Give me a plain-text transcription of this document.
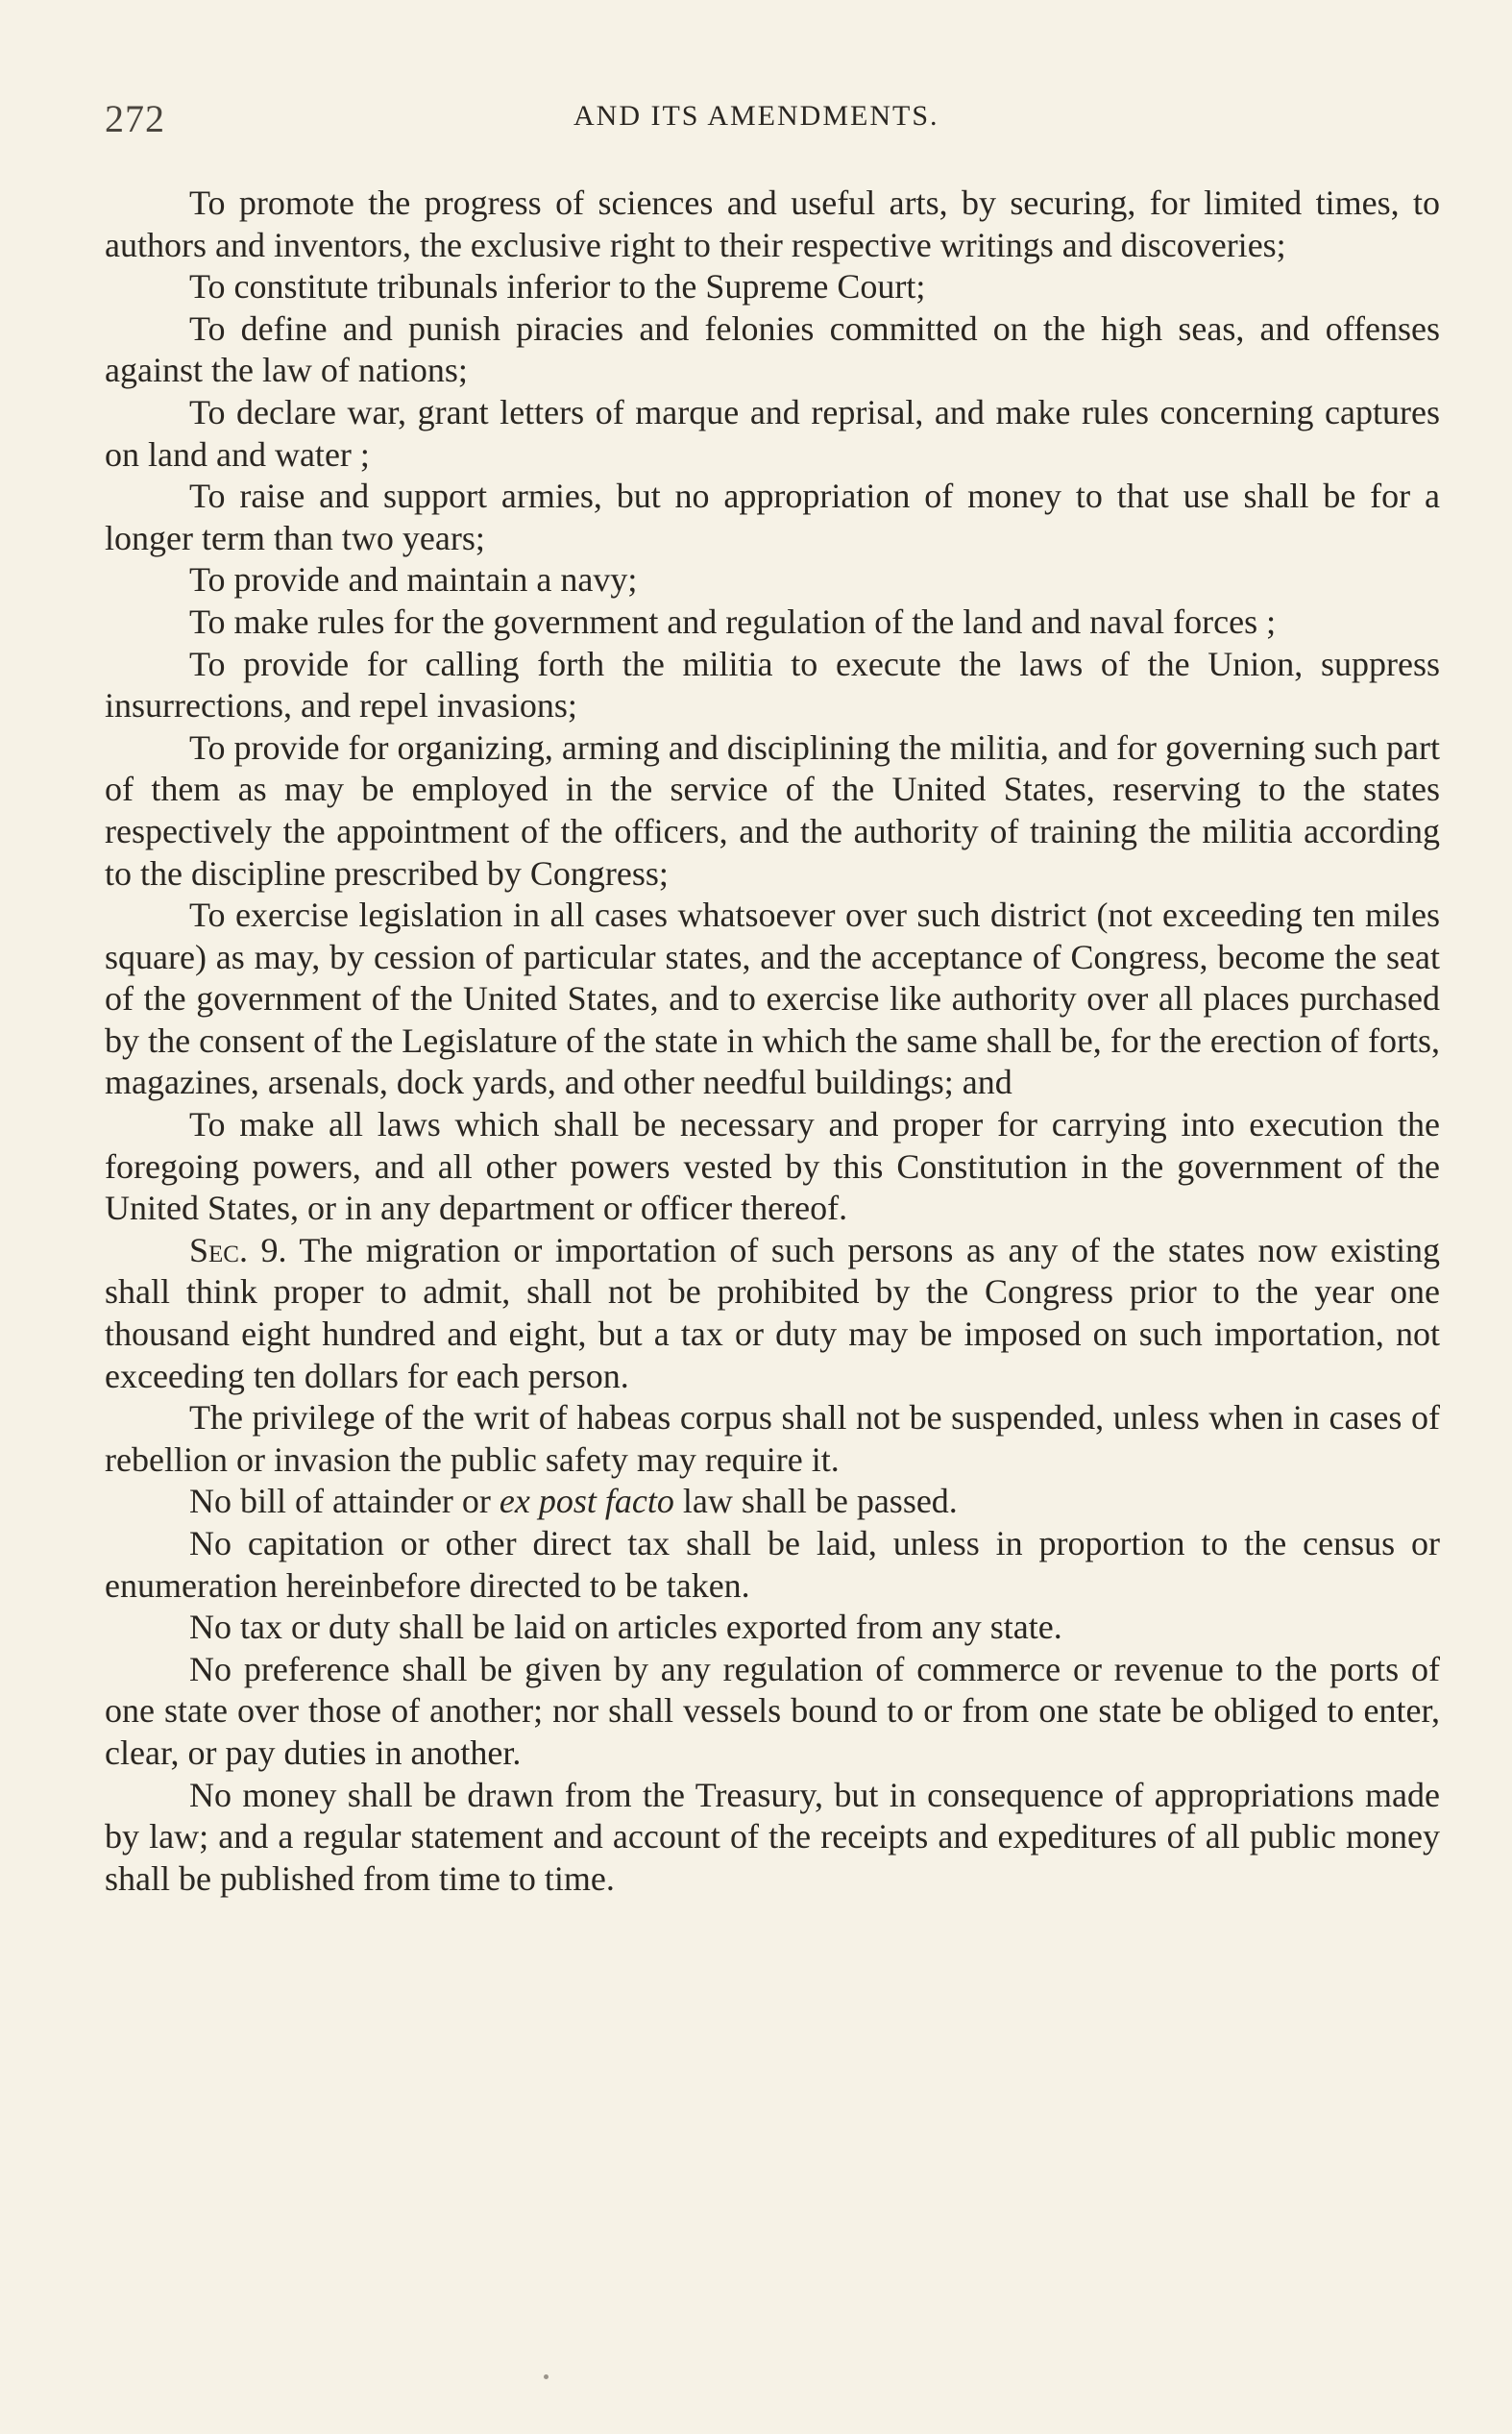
272	AND ITS AMENDMENTS.

To promote the progress of sciences and useful arts, by securing, for limited times, to authors and inventors, the exclusive right to their respective writings and discoveries;

To constitute tribunals inferior to the Supreme Court;

To define and punish piracies and felonies committed on the high seas, and offenses against the law of nations;

To declare war, grant letters of marque and reprisal, and make rules concerning captures on land and water ;

To raise and support armies, but no appropriation of money to that use shall be for a longer term than two years;

To provide and maintain a navy;

To make rules for the government and regulation of the land and naval forces ;

To provide for calling forth the militia to execute the laws of the Union, suppress insurrections, and repel invasions;

To provide for organizing, arming and disciplining the militia, and for governing such part of them as may be employed in the service of the United States, reserving to the states respectively the appointment of the officers, and the authority of training the militia according to the discipline prescribed by Congress;

To exercise legislation in all cases whatsoever over such district (not exceeding ten miles square) as may, by cession of particular states, and the acceptance of Congress, become the seat of the government of the United States, and to exercise like authority over all places purchased by the consent of the Legislature of the state in which the same shall be, for the erection of forts, magazines, arsenals, dock yards, and other needful buildings; and

To make all laws which shall be necessary and proper for carrying into execution the foregoing powers, and all other powers vested by this Constitution in the government of the United States, or in any department or officer thereof.

Sec. 9. The migration or importation of such persons as any of the states now existing shall think proper to admit, shall not be prohibited by the Congress prior to the year one thousand eight hundred and eight, but a tax or duty may be imposed on such importation, not exceeding ten dollars for each person.

The privilege of the writ of habeas corpus shall not be suspended, unless when in cases of rebellion or invasion the public safety may require it.

No bill of attainder or ex post facto law shall be passed.

No capitation or other direct tax shall be laid, unless in proportion to the census or enumeration hereinbefore directed to be taken.

No tax or duty shall be laid on articles exported from any state.

No preference shall be given by any regulation of commerce or revenue to the ports of one state over those of another; nor shall vessels bound to or from one state be obliged to enter, clear, or pay duties in another.

No money shall be drawn from the Treasury, but in consequence of appropriations made by law; and a regular statement and account of the receipts and expeditures of all public money shall be published from time to time.
